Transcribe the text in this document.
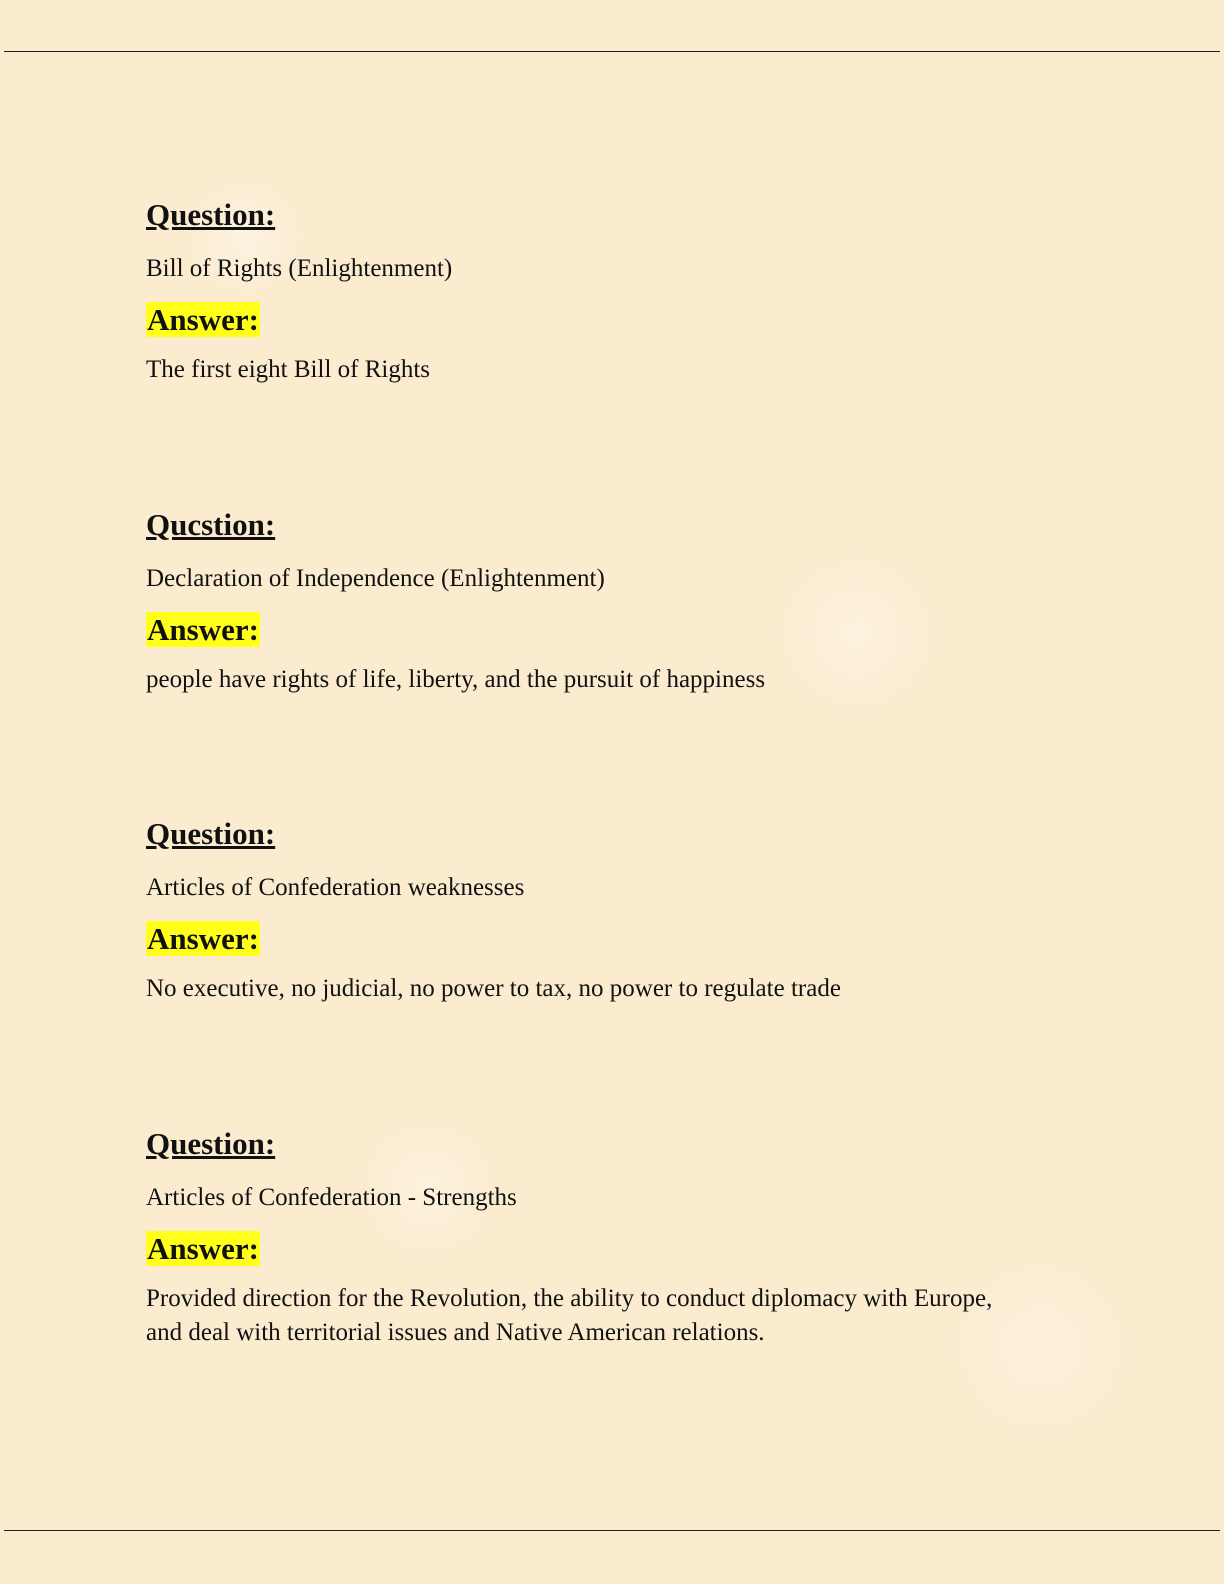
Question:
Bill of Rights (Enlightenment)
Answer:
The first eight Bill of Rights
Qucstion:
Declaration of Independence (Enlightenment)
Answer:
people have rights of life, liberty, and the pursuit of happiness
Question:
Articles of Confederation weaknesses
Answer:
No executive, no judicial, no power to tax, no power to regulate trade
Question:
Articles of Confederation - Strengths
Answer:
Provided direction for the Revolution, the ability to conduct diplomacy with Europe, and deal with territorial issues and Native American relations.
